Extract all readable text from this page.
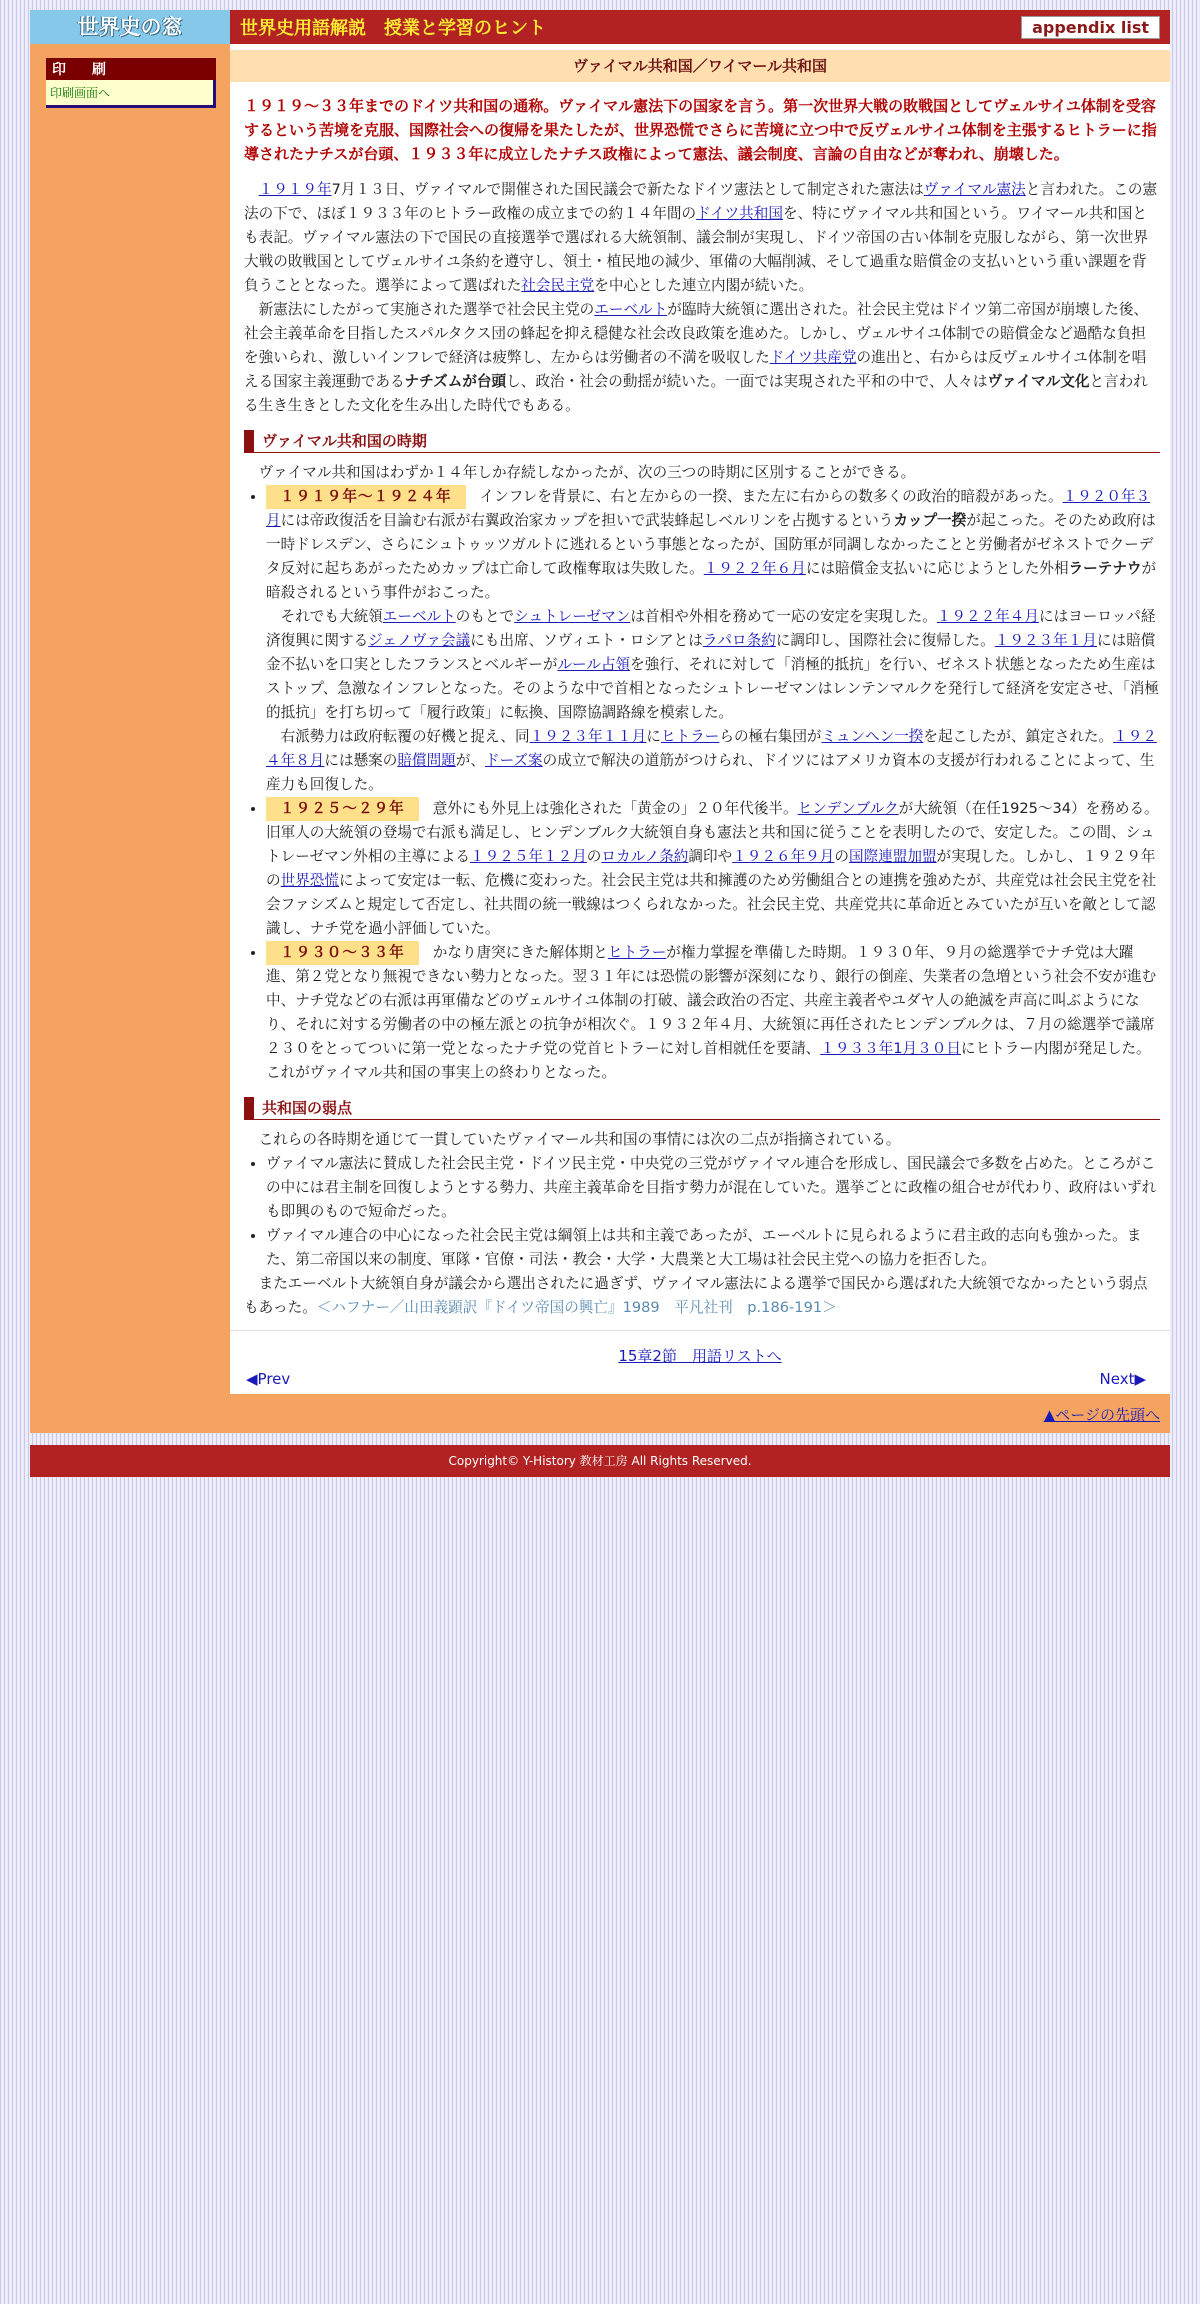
世界史の窓	世界史用語解説　授業と学習のヒント	appendix list
印　刷
印刷画面へ
ヴァイマル共和国／ワイマール共和国
１９１９～３３年までのドイツ共和国の通称。ヴァイマル憲法下の国家を言う。第一次世界大戦の敗戦国としてヴェルサイユ体制を受容するという苦境を克服、国際社会への復帰を果たしたが、世界恐慌でさらに苦境に立つ中で反ヴェルサイユ体制を主張するヒトラーに指導されたナチスが台頭、１９３３年に成立したナチス政権によって憲法、議会制度、言論の自由などが奪われ、崩壊した。

１９１９年7月１３日、ヴァイマルで開催された国民議会で新たなドイツ憲法として制定された憲法はヴァイマル憲法と言われた。この憲法の下で、ほぼ１９３３年のヒトラー政権の成立までの約１４年間のドイツ共和国を、特にヴァイマル共和国という。ワイマール共和国とも表記。ヴァイマル憲法の下で国民の直接選挙で選ばれる大統領制、議会制が実現し、ドイツ帝国の古い体制を克服しながら、第一次世界大戦の敗戦国としてヴェルサイユ条約を遵守し、領土・植民地の減少、軍備の大幅削減、そして過重な賠償金の支払いという重い課題を背負うこととなった。選挙によって選ばれた社会民主党を中心とした連立内閣が続いた。

新憲法にしたがって実施された選挙で社会民主党のエーベルトが臨時大統領に選出された。社会民主党はドイツ第二帝国が崩壊した後、社会主義革命を目指したスパルタクス団の蜂起を抑え穏健な社会改良政策を進めた。しかし、ヴェルサイユ体制での賠償金など過酷な負担を強いられ、激しいインフレで経済は疲弊し、左からは労働者の不満を吸収したドイツ共産党の進出と、右からは反ヴェルサイユ体制を唱える国家主義運動であるナチズムが台頭し、政治・社会の動揺が続いた。一面では実現された平和の中で、人々はヴァイマル文化と言われる生き生きとした文化を生み出した時代でもある。

ヴァイマル共和国の時期

ヴァイマル共和国はわずか１４年しか存続しなかったが、次の三つの時期に区別することができる。

• １９１９年～１９２４年 インフレを背景に、右と左からの一揆、また左に右からの数多くの政治的暗殺があった。１９２０年３月には帝政復活を目論む右派が右翼政治家カップを担いで武装蜂起しベルリンを占拠するというカップ一揆が起こった。そのため政府は一時ドレスデン、さらにシュトゥッツガルトに逃れるという事態となったが、国防軍が同調しなかったことと労働者がゼネストでクーデタ反対に起ちあがったためカップは亡命して政権奪取は失敗した。１９２２年６月には賠償金支払いに応じようとした外相ラーテナウが暗殺されるという事件がおこった。
　それでも大統領エーベルトのもとでシュトレーゼマンは首相や外相を務めて一応の安定を実現した。１９２２年４月にはヨーロッパ経済復興に関するジェノヴァ会議にも出席、ソヴィエト・ロシアとはラパロ条約に調印し、国際社会に復帰した。１９２３年１月には賠償金不払いを口実としたフランスとベルギーがルール占領を強行、それに対して「消極的抵抗」を行い、ゼネスト状態となったため生産はストップ、急激なインフレとなった。そのような中で首相となったシュトレーゼマンはレンテンマルクを発行して経済を安定させ、「消極的抵抗」を打ち切って「履行政策」に転換、国際協調路線を模索した。
　右派勢力は政府転覆の好機と捉え、同１９２３年１１月にヒトラーらの極右集団がミュンヘン一揆を起こしたが、鎮定された。１９２４年８月には懸案の賠償問題が、ドーズ案の成立で解決の道筋がつけられ、ドイツにはアメリカ資本の支援が行われることによって、生産力も回復した。
• １９２５～２９年 意外にも外見上は強化された「黄金の」２０年代後半。ヒンデンブルクが大統領（在任1925～34）を務める。旧軍人の大統領の登場で右派も満足し、ヒンデンブルク大統領自身も憲法と共和国に従うことを表明したので、安定した。この間、シュトレーゼマン外相の主導による１９２５年１２月のロカルノ条約調印や１９２６年９月の国際連盟加盟が実現した。しかし、１９２９年の世界恐慌によって安定は一転、危機に変わった。社会民主党は共和擁護のため労働組合との連携を強めたが、共産党は社会民主党を社会ファシズムと規定して否定し、社共間の統一戦線はつくられなかった。社会民主党、共産党共に革命近とみていたが互いを敵として認識し、ナチ党を過小評価していた。
• １９３０～３３年 かなり唐突にきた解体期とヒトラーが権力掌握を準備した時期。１９３０年、９月の総選挙でナチ党は大躍進、第２党となり無視できない勢力となった。翌３１年には恐慌の影響が深刻になり、銀行の倒産、失業者の急増という社会不安が進む中、ナチ党などの右派は再軍備などのヴェルサイユ体制の打破、議会政治の否定、共産主義者やユダヤ人の絶滅を声高に叫ぶようになり、それに対する労働者の中の極左派との抗争が相次ぐ。１９３２年４月、大統領に再任されたヒンデンブルクは、７月の総選挙で議席２３０をとってついに第一党となったナチ党の党首ヒトラーに対し首相就任を要請、１９３３年1月３０日にヒトラー内閣が発足した。これがヴァイマル共和国の事実上の終わりとなった。
共和国の弱点

これらの各時期を通じて一貫していたヴァイマール共和国の事情には次の二点が指摘されている。

• ヴァイマル憲法に賛成した社会民主党・ドイツ民主党・中央党の三党がヴァイマル連合を形成し、国民議会で多数を占めた。ところがこの中には君主制を回復しようとする勢力、共産主義革命を目指す勢力が混在していた。選挙ごとに政権の組合せが代わり、政府はいずれも即興のもので短命だった。
• ヴァイマル連合の中心になった社会民主党は綱領上は共和主義であったが、エーベルトに見られるように君主政的志向も強かった。また、第二帝国以来の制度、軍隊・官僚・司法・教会・大学・大農業と大工場は社会民主党への協力を拒否した。

またエーベルト大統領自身が議会から選出されたに過ぎず、ヴァイマル憲法による選挙で国民から選ばれた大統領でなかったという弱点もあった。＜ハフナー／山田義顕訳『ドイツ帝国の興亡』1989　平凡社刊　p.186-191＞

15章2節　用語リストへ
◀Prev	Next▶
▲ページの先頭へ
Copyright© Y-History 教材工房 All Rights Reserved.
